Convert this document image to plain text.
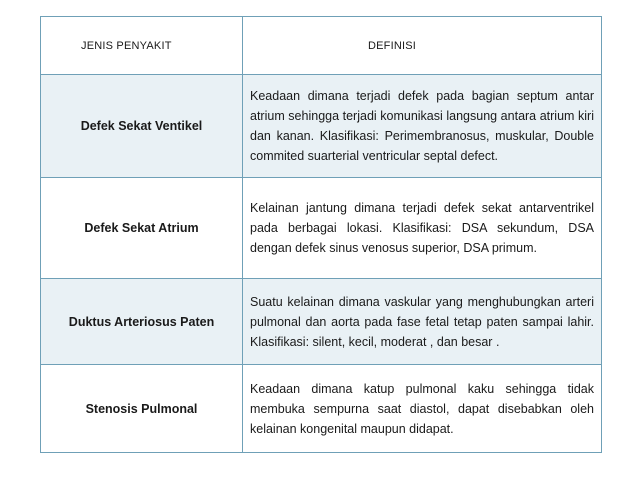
JENIS PENYAKIT	DEFINISI
Defek Sekat Ventikel	Keadaan dimana terjadi defek pada bagian septum antar atrium sehingga terjadi komunikasi langsung antara atrium kiri dan kanan. Klasifikasi: Perimembranosus, muskular, Double commited suarterial ventricular septal defect.
Defek Sekat Atrium	Kelainan jantung dimana terjadi defek sekat antarventrikel pada berbagai lokasi. Klasifikasi: DSA sekundum, DSA dengan defek sinus venosus superior, DSA primum.
Duktus Arteriosus Paten	Suatu kelainan dimana vaskular yang menghubungkan arteri pulmonal dan aorta pada fase fetal tetap paten sampai lahir. Klasifikasi: silent, kecil, moderat , dan besar .
Stenosis Pulmonal	Keadaan dimana katup pulmonal kaku sehingga tidak membuka sempurna saat diastol, dapat disebabkan oleh kelainan kongenital maupun didapat.
